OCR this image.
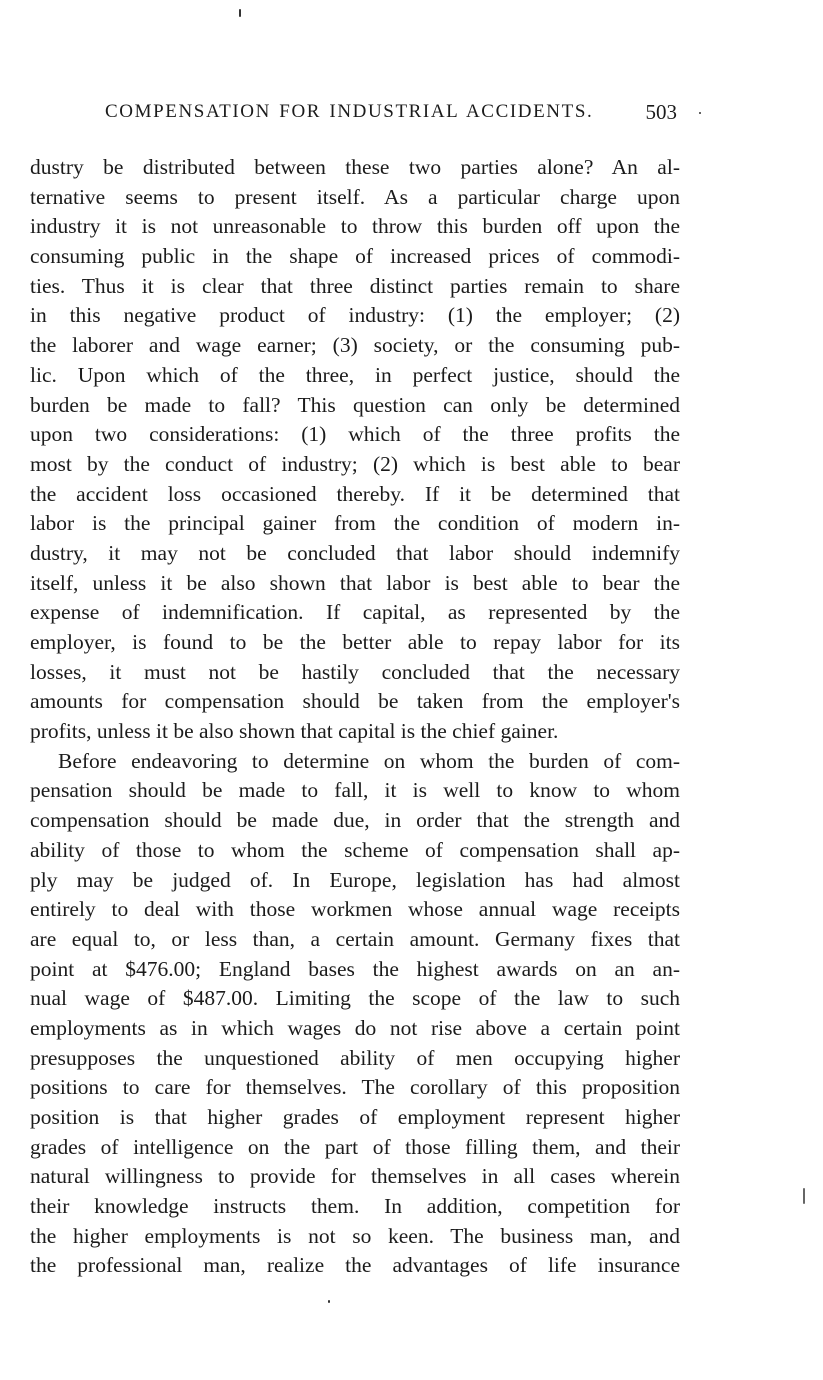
COMPENSATION FOR INDUSTRIAL ACCIDENTS. 503
dustry be distributed between these two parties alone? An al-
ternative seems to present itself. As a particular charge upon
industry it is not unreasonable to throw this burden off upon the
consuming public in the shape of increased prices of commodi-
ties. Thus it is clear that three distinct parties remain to share
in this negative product of industry: (1) the employer; (2)
the laborer and wage earner; (3) society, or the consuming pub-
lic. Upon which of the three, in perfect justice, should the
burden be made to fall? This question can only be determined
upon two considerations: (1) which of the three profits the
most by the conduct of industry; (2) which is best able to bear
the accident loss occasioned thereby. If it be determined that
labor is the principal gainer from the condition of modern in-
dustry, it may not be concluded that labor should indemnify
itself, unless it be also shown that labor is best able to bear the
expense of indemnification. If capital, as represented by the
employer, is found to be the better able to repay labor for its
losses, it must not be hastily concluded that the necessary
amounts for compensation should be taken from the employer's
profits, unless it be also shown that capital is the chief gainer.
Before endeavoring to determine on whom the burden of com-
pensation should be made to fall, it is well to know to whom
compensation should be made due, in order that the strength and
ability of those to whom the scheme of compensation shall ap-
ply may be judged of. In Europe, legislation has had almost
entirely to deal with those workmen whose annual wage receipts
are equal to, or less than, a certain amount. Germany fixes that
point at $476.00; England bases the highest awards on an an-
nual wage of $487.00. Limiting the scope of the law to such
employments as in which wages do not rise above a certain point
presupposes the unquestioned ability of men occupying higher
positions to care for themselves. The corollary of this proposition
position is that higher grades of employment represent higher
grades of intelligence on the part of those filling them, and their
natural willingness to provide for themselves in all cases wherein
their knowledge instructs them. In addition, competition for
the higher employments is not so keen. The business man, and
the professional man, realize the advantages of life insurance
